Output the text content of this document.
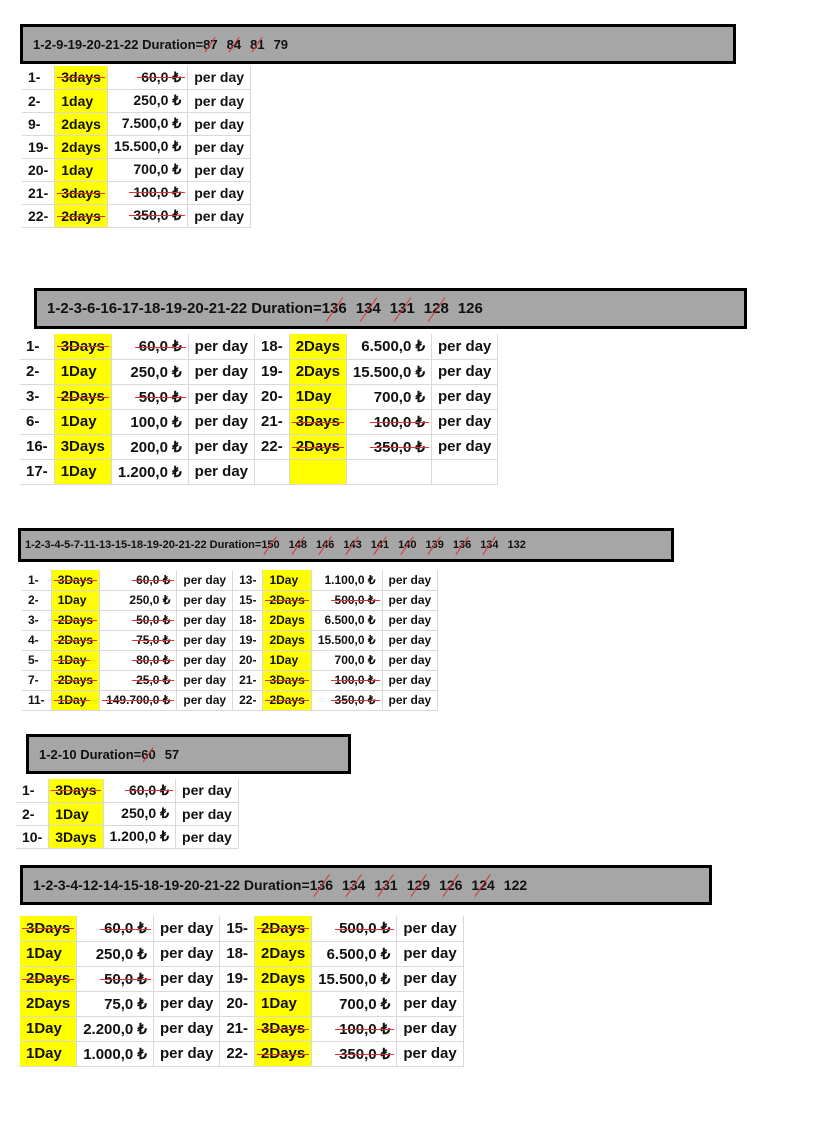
1-2-9-19-20-21-22 Duration= 87 84 81 79
1-	3days	60,0 ₺	per day
2-	1day	250,0 ₺	per day
9-	2days	7.500,0 ₺	per day
19-	2days	15.500,0 ₺	per day
20-	1day	700,0 ₺	per day
21-	3days	100,0 ₺	per day
22-	2days	350,0 ₺	per day
1-2-3-6-16-17-18-19-20-21-22 Duration= 136 134 131 128 126
1-	3Days	60,0 ₺	per day	18-	2Days	6.500,0 ₺	per day
2-	1Day	250,0 ₺	per day	19-	2Days	15.500,0 ₺	per day
3-	2Days	50,0 ₺	per day	20-	1Day	700,0 ₺	per day
6-	1Day	100,0 ₺	per day	21-	3Days	100,0 ₺	per day
16-	3Days	200,0 ₺	per day	22-	2Days	350,0 ₺	per day
17-	1Day	1.200,0 ₺	per day				
1-2-3-4-5-7-11-13-15-18-19-20-21-22 Duration= 150 148 146 143 141 140 139 136 134 132
1-	3Days	60,0 ₺	per day	13-	1Day	1.100,0 ₺	per day
2-	1Day	250,0 ₺	per day	15-	2Days	500,0 ₺	per day
3-	2Days	50,0 ₺	per day	18-	2Days	6.500,0 ₺	per day
4-	2Days	75,0 ₺	per day	19-	2Days	15.500,0 ₺	per day
5-	1Day	80,0 ₺	per day	20-	1Day	700,0 ₺	per day
7-	2Days	25,0 ₺	per day	21-	3Days	100,0 ₺	per day
11-	1Day	149.700,0 ₺	per day	22-	2Days	350,0 ₺	per day
1-2-10 Duration= 60 57
1-	3Days	60,0 ₺	per day
2-	1Day	250,0 ₺	per day
10-	3Days	1.200,0 ₺	per day
1-2-3-4-12-14-15-18-19-20-21-22 Duration= 136 134 131 129 126 124 122
3Days	60,0 ₺	per day	15-	2Days	500,0 ₺	per day
1Day	250,0 ₺	per day	18-	2Days	6.500,0 ₺	per day
2Days	50,0 ₺	per day	19-	2Days	15.500,0 ₺	per day
2Days	75,0 ₺	per day	20-	1Day	700,0 ₺	per day
1Day	2.200,0 ₺	per day	21-	3Days	100,0 ₺	per day
1Day	1.000,0 ₺	per day	22-	2Days	350,0 ₺	per day
